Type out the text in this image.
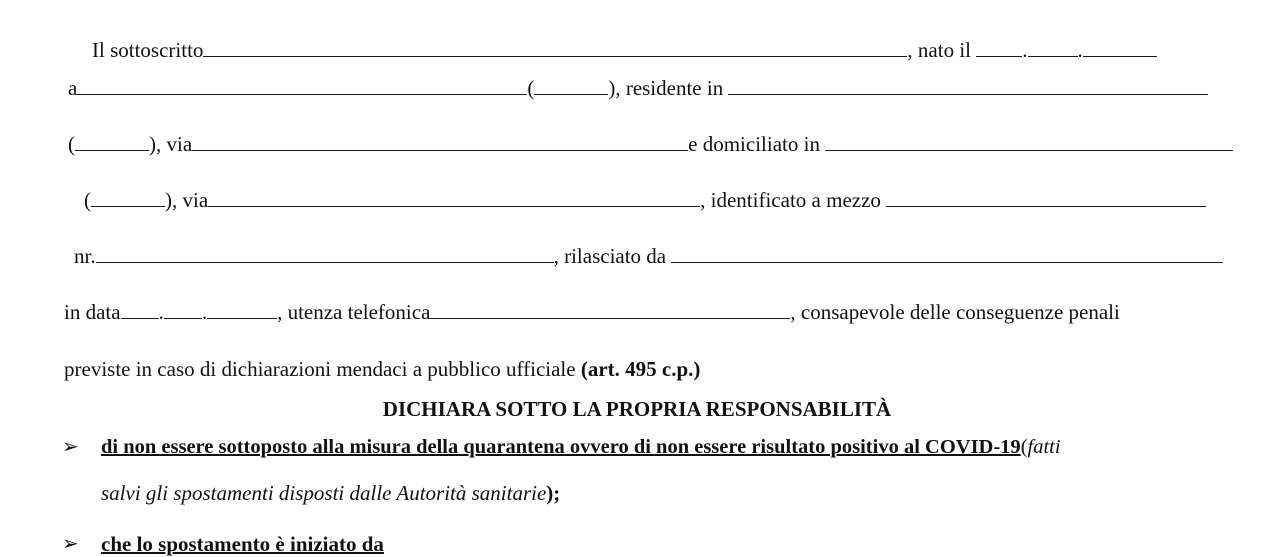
Il sottoscritto	, nato il . .
a	(	), residente in
(	), via	e domiciliato in
(	), via	, identificato a mezzo
nr.	, rilasciato da
in data . .	, utenza telefonica	, consapevole delle conseguenze penali
previste in caso di dichiarazioni mendaci a pubblico ufficiale (art. 495 c.p.)
DICHIARA SOTTO LA PROPRIA RESPONSABILITÀ
➢ di non essere sottoposto alla misura della quarantena ovvero di non essere risultato positivo al COVID-19(fatti
salvi gli spostamenti disposti dalle Autorità sanitarie);
➢ che lo spostamento è iniziato da
